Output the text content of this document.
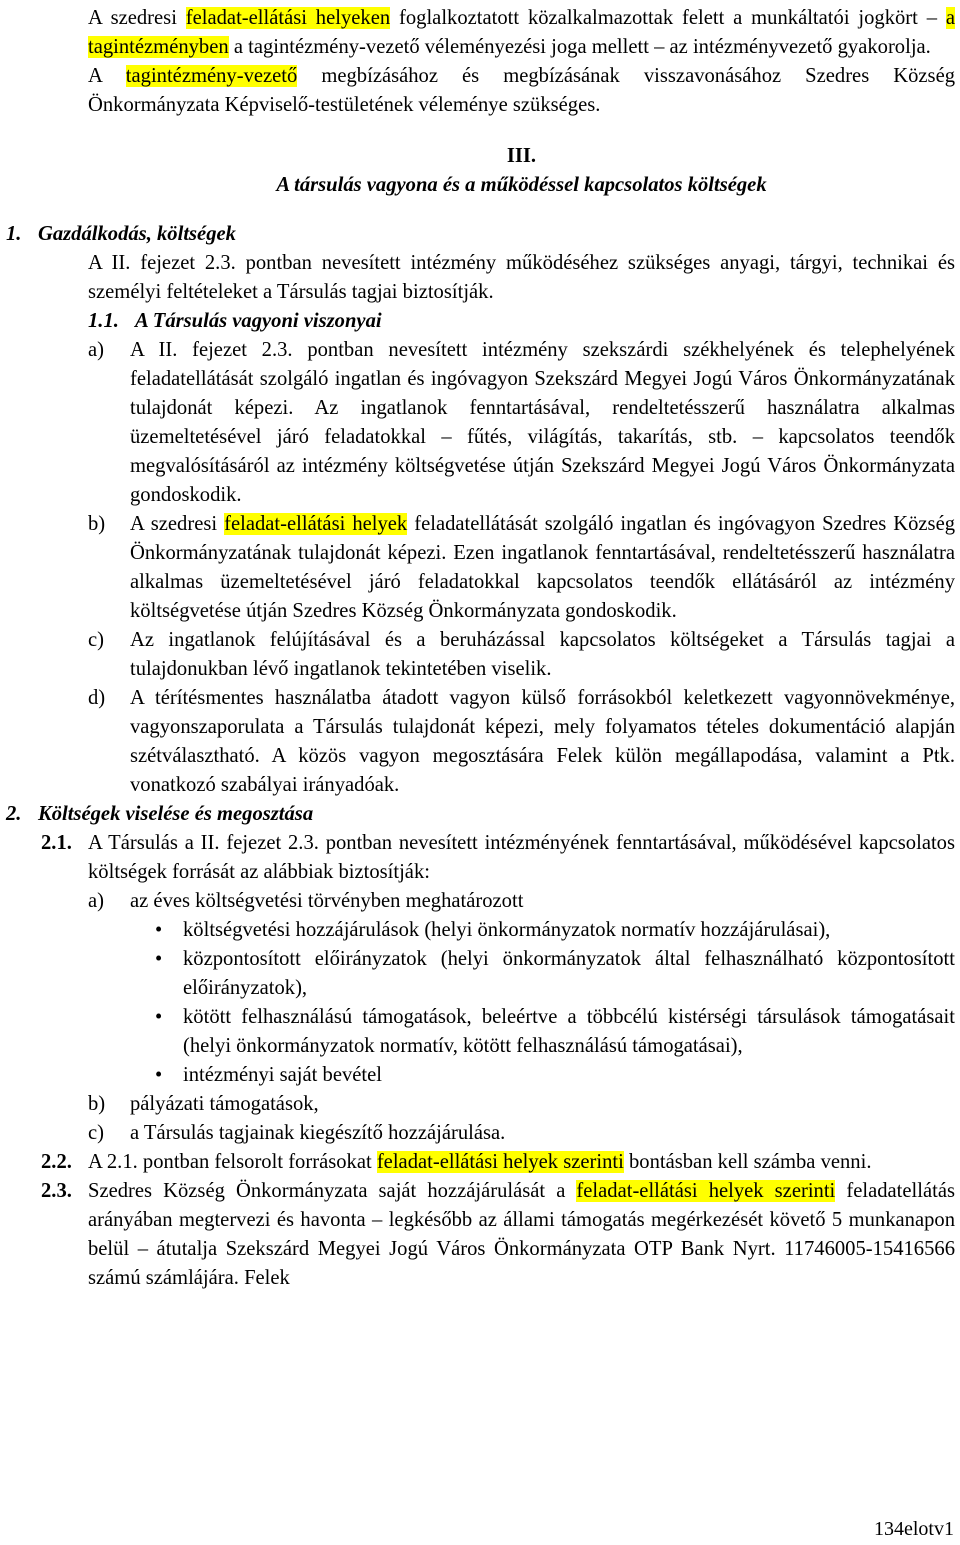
A szedresi feladat-ellátási helyeken foglalkoztatott közalkalmazottak felett a munkáltatói jogkört – a tagintézményben a tagintézmény-vezető véleményezési joga mellett – az intézményvezető gyakorolja.

A tagintézmény-vezető megbízásához és megbízásának visszavonásához Szedres Község Önkormányzata Képviselő-testületének véleménye szükséges.

III.

A társulás vagyona és a működéssel kapcsolatos költségek

1. Gazdálkodás, költségek

A II. fejezet 2.3. pontban nevesített intézmény működéséhez szükséges anyagi, tárgyi, technikai és személyi feltételeket a Társulás tagjai biztosítják.

1.1. A Társulás vagyoni viszonyai

a) A II. fejezet 2.3. pontban nevesített intézmény szekszárdi székhelyének és telephelyének feladatellátását szolgáló ingatlan és ingóvagyon Szekszárd Megyei Jogú Város Önkormányzatának tulajdonát képezi. Az ingatlanok fenntartásával, rendeltetésszerű használatra alkalmas üzemeltetésével járó feladatokkal – fűtés, világítás, takarítás, stb. – kapcsolatos teendők megvalósításáról az intézmény költségvetése útján Szekszárd Megyei Jogú Város Önkormányzata gondoskodik.
b) A szedresi feladat-ellátási helyek feladatellátását szolgáló ingatlan és ingóvagyon Szedres Község Önkormányzatának tulajdonát képezi. Ezen ingatlanok fenntartásával, rendeltetésszerű használatra alkalmas üzemeltetésével járó feladatokkal kapcsolatos teendők ellátásáról az intézmény költségvetése útján Szedres Község Önkormányzata gondoskodik.
c) Az ingatlanok felújításával és a beruházással kapcsolatos költségeket a Társulás tagjai a tulajdonukban lévő ingatlanok tekintetében viselik.
d) A térítésmentes használatba átadott vagyon külső forrásokból keletkezett vagyonnövekménye, vagyonszaporulata a Társulás tulajdonát képezi, mely folyamatos tételes dokumentáció alapján szétválasztható. A közös vagyon megosztására Felek külön megállapodása, valamint a Ptk. vonatkozó szabályai irányadóak.

2. Költségek viselése és megosztása

2.1. A Társulás a II. fejezet 2.3. pontban nevesített intézményének fenntartásával, működésével kapcsolatos költségek forrását az alábbiak biztosítják:

a) az éves költségvetési törvényben meghatározott
• költségvetési hozzájárulások (helyi önkormányzatok normatív hozzájárulásai),
• központosított előirányzatok (helyi önkormányzatok által felhasználható központosított előirányzatok),
• kötött felhasználású támogatások, beleértve a többcélú kistérségi társulások támogatásait (helyi önkormányzatok normatív, kötött felhasználású támogatásai),
• intézményi saját bevétel
b) pályázati támogatások,
c) a Társulás tagjainak kiegészítő hozzájárulása.

2.2. A 2.1. pontban felsorolt forrásokat feladat-ellátási helyek szerinti bontásban kell számba venni.

2.3. Szedres Község Önkormányzata saját hozzájárulását a feladat-ellátási helyek szerinti feladatellátás arányában megtervezi és havonta – legkésőbb az állami támogatás megérkezését követő 5 munkanapon belül – átutalja Szekszárd Megyei Jogú Város Önkormányzata OTP Bank Nyrt. 11746005-15416566 számú számlájára. Felek

134elotv1
